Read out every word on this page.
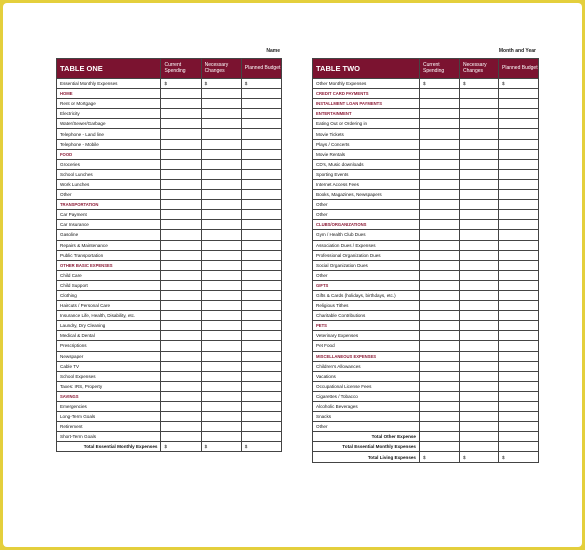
Name	Month and Year
TABLE ONE	Current Spending	Necessary Changes	Planned Budget
Essential Monthly Expenses	$	$	$
HOME			
Rent or Mortgage			
Electricity			
Water/Sewer/Garbage			
Telephone - Land line			
Telephone - Mobile			
FOOD			
Groceries			
School Lunches			
Work Lunches			
Other			
TRANSPORTATION			
Car Payment			
Car Insurance			
Gasoline			
Repairs & Maintenance			
Public Transportation			
OTHER BASIC EXPENSES			
Child Care			
Child Support			
Clothing			
Haircuts / Personal Care			
Insurance Life, Health, Disability, etc.			
Laundry, Dry Cleaning			
Medical & Dental			
Prescriptions			
Newspaper			
Cable TV			
School Expenses			
Taxes: IRS, Property			
SAVINGS			
Emergencies			
Long-Term Goals			
Retirement			
Short-Term Goals			
Total Essential Monthly Expenses	$	$	$
TABLE TWO	Current Spending	Necessary Changes	Planned Budget
Other Monthly Expenses	$	$	$
CREDIT CARD PAYMENTS			
INSTALLMENT LOAN PAYMENTS			
ENTERTAINMENT			
Eating Out or Ordering in			
Movie Tickets			
Plays / Concerts			
Movie Rentals			
CD's, Music downloads			
Sporting Events			
Internet Access Fees			
Books, Magazines, Newspapers			
Other			
Other			
CLUBS/ORGANIZATIONS			
Gym / Health Club Dues			
Association Dues / Expenses			
Professional Organization Dues			
Social Organization Dues			
Other			
GIFTS			
Gifts & Cards (holidays, birthdays, etc.)			
Religious Tithes			
Charitable Contributions			
PETS			
Veterinary Expenses			
Pet Food			
MISCELLANEOUS EXPENSES			
Children's Allowances			
Vacations			
Occupational License Fees			
Cigarettes / Tobacco			
Alcoholic Beverages			
Snacks			
Other			
Total Other Expense			
Total Essential Monthly Expenses			
Total Living Expenses	$	$	$
